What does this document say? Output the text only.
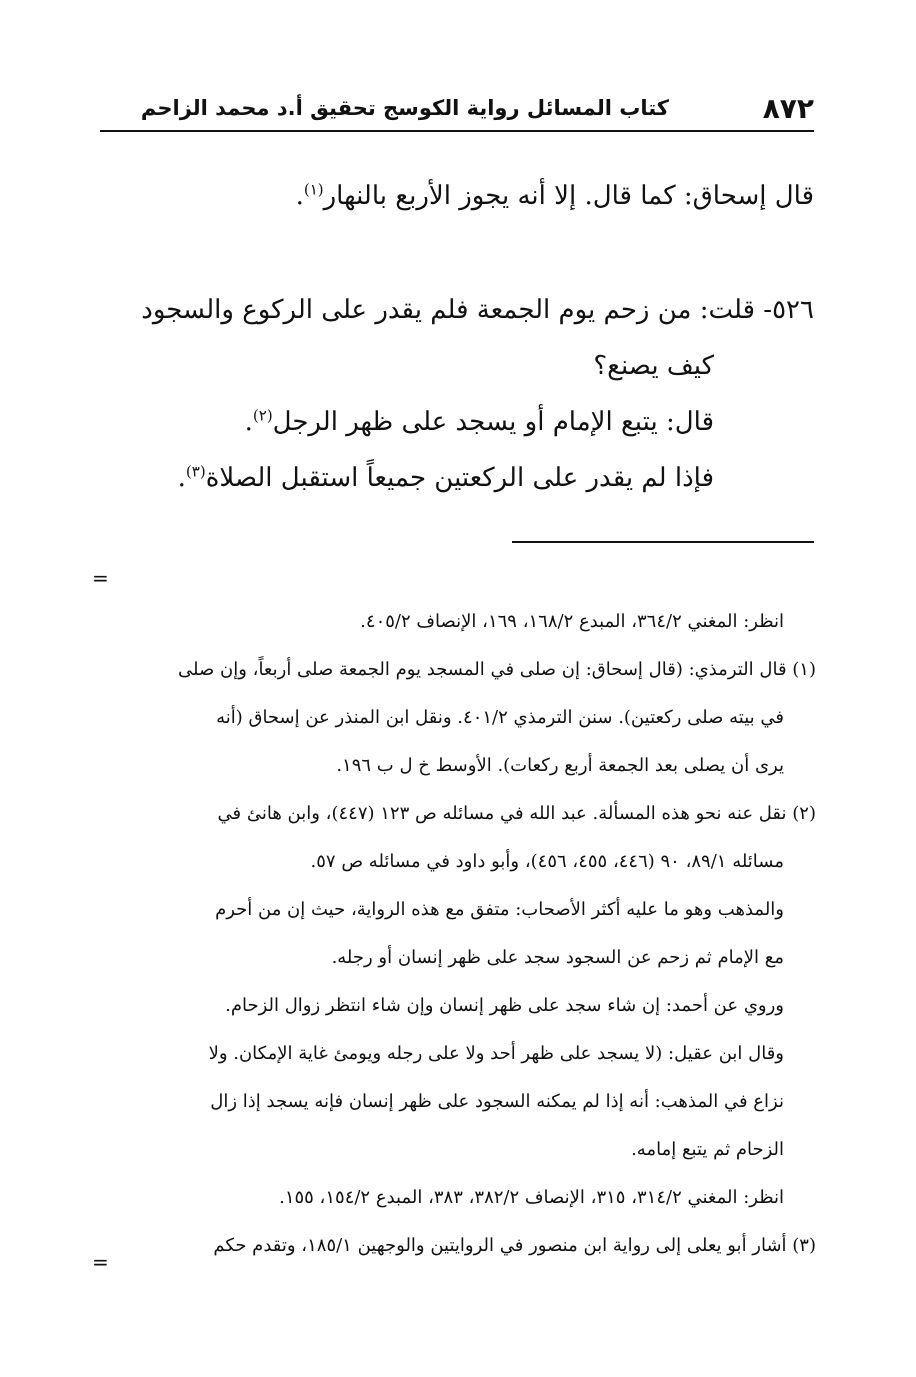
٨٧٢
كتاب المسائل رواية الكوسج تحقيق أ.د محمد الزاحم
قال إسحاق: كما قال. إلا أنه يجوز الأربع بالنهار$^{(١)}$.
٥٢٦- قلت: من زحم يوم الجمعة فلم يقدر على الركوع والسجود
كيف يصنع؟
قال: يتبع الإمام أو يسجد على ظهر الرجل$^{(٢)}$.
فإذا لم يقدر على الركعتين جميعاً استقبل الصلاة$^{(٣)}$.
=
انظر: المغني ٣٦٤/٢، المبدع ١٦٨/٢، ١٦٩، الإنصاف ٤٠٥/٢.
(١) قال الترمذي: (قال إسحاق: إن صلى في المسجد يوم الجمعة صلى أربعاً، وإن صلى
في بيته صلى ركعتين). سنن الترمذي ٤٠١/٢. ونقل ابن المنذر عن إسحاق (أنه
يرى أن يصلى بعد الجمعة أربع ركعات). الأوسط خ ل ب ١٩٦.
(٢) نقل عنه نحو هذه المسألة. عبد الله في مسائله ص ١٢٣ (٤٤٧)، وابن هانئ في
مسائله ٨٩/١، ٩٠ (٤٤٦، ٤٥٥، ٤٥٦)، وأبو داود في مسائله ص ٥٧.
والمذهب وهو ما عليه أكثر الأصحاب: متفق مع هذه الرواية، حيث إن من أحرم
مع الإمام ثم زحم عن السجود سجد على ظهر إنسان أو رجله.
وروي عن أحمد: إن شاء سجد على ظهر إنسان وإن شاء انتظر زوال الزحام.
وقال ابن عقيل: (لا يسجد على ظهر أحد ولا على رجله ويومئ غاية الإمكان. ولا
نزاع في المذهب: أنه إذا لم يمكنه السجود على ظهر إنسان فإنه يسجد إذا زال
الزحام ثم يتبع إمامه.
انظر: المغني ٣١٤/٢، ٣١٥، الإنصاف ٣٨٢/٢، ٣٨٣، المبدع ١٥٤/٢، ١٥٥.
(٣) أشار أبو يعلى إلى رواية ابن منصور في الروايتين والوجهين ١٨٥/١، وتقدم حكم
=
